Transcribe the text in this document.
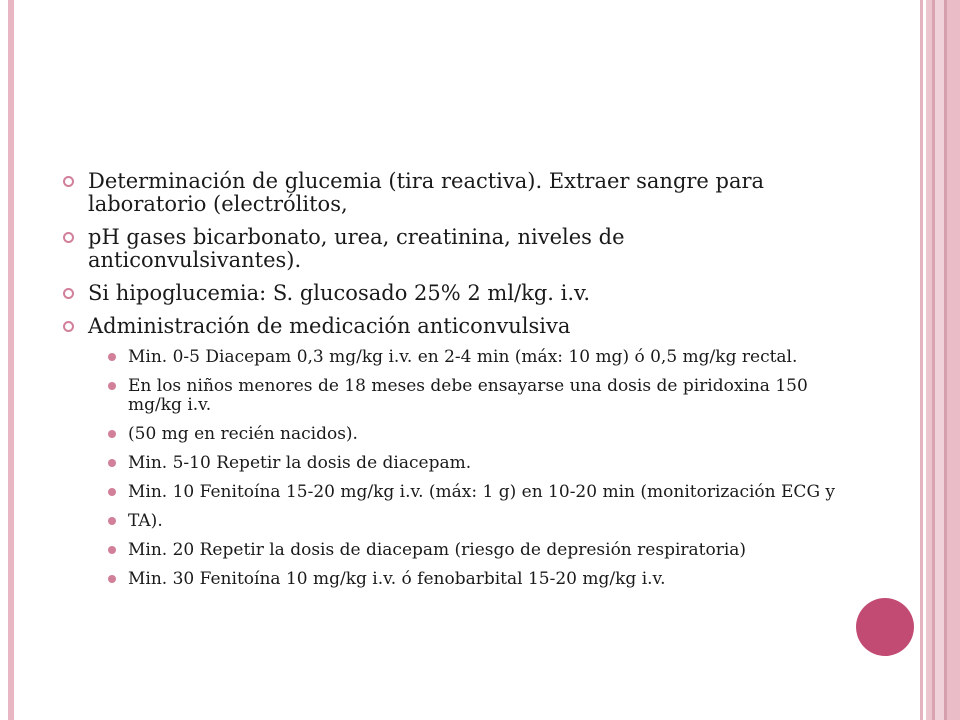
Determinación de glucemia (tira reactiva). Extraer sangre para laboratorio (electrólitos,
pH gases bicarbonato, urea, creatinina, niveles de anticonvulsivantes).
Si hipoglucemia: S. glucosado 25% 2 ml/kg. i.v.
Administración de medicación anticonvulsiva
Min. 0-5 Diacepam 0,3 mg/kg i.v. en 2-4 min (máx: 10 mg) ó 0,5 mg/kg rectal.
En los niños menores de 18 meses debe ensayarse una dosis de piridoxina 150 mg/kg i.v.
(50 mg en recién nacidos).
Min. 5-10 Repetir la dosis de diacepam.
Min. 10 Fenitoína 15-20 mg/kg i.v. (máx: 1 g) en 10-20 min (monitorización ECG y
TA).
Min. 20 Repetir la dosis de diacepam (riesgo de depresión respiratoria)
Min. 30 Fenitoína 10 mg/kg i.v. ó fenobarbital 15-20 mg/kg i.v.
